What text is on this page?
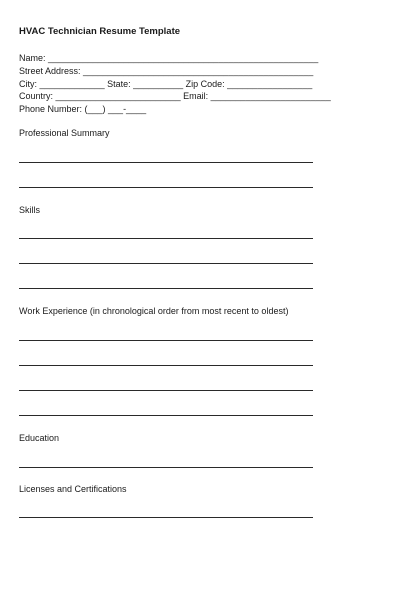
HVAC Technician Resume Template
Name: ______________________________________________________
Street Address: ______________________________________________
City: _____________ State: __________ Zip Code: _________________
Country: _________________________ Email: ________________________
Phone Number: (___) ___-____
Professional Summary
Skills
Work Experience (in chronological order from most recent to oldest)
Education
Licenses and Certifications
